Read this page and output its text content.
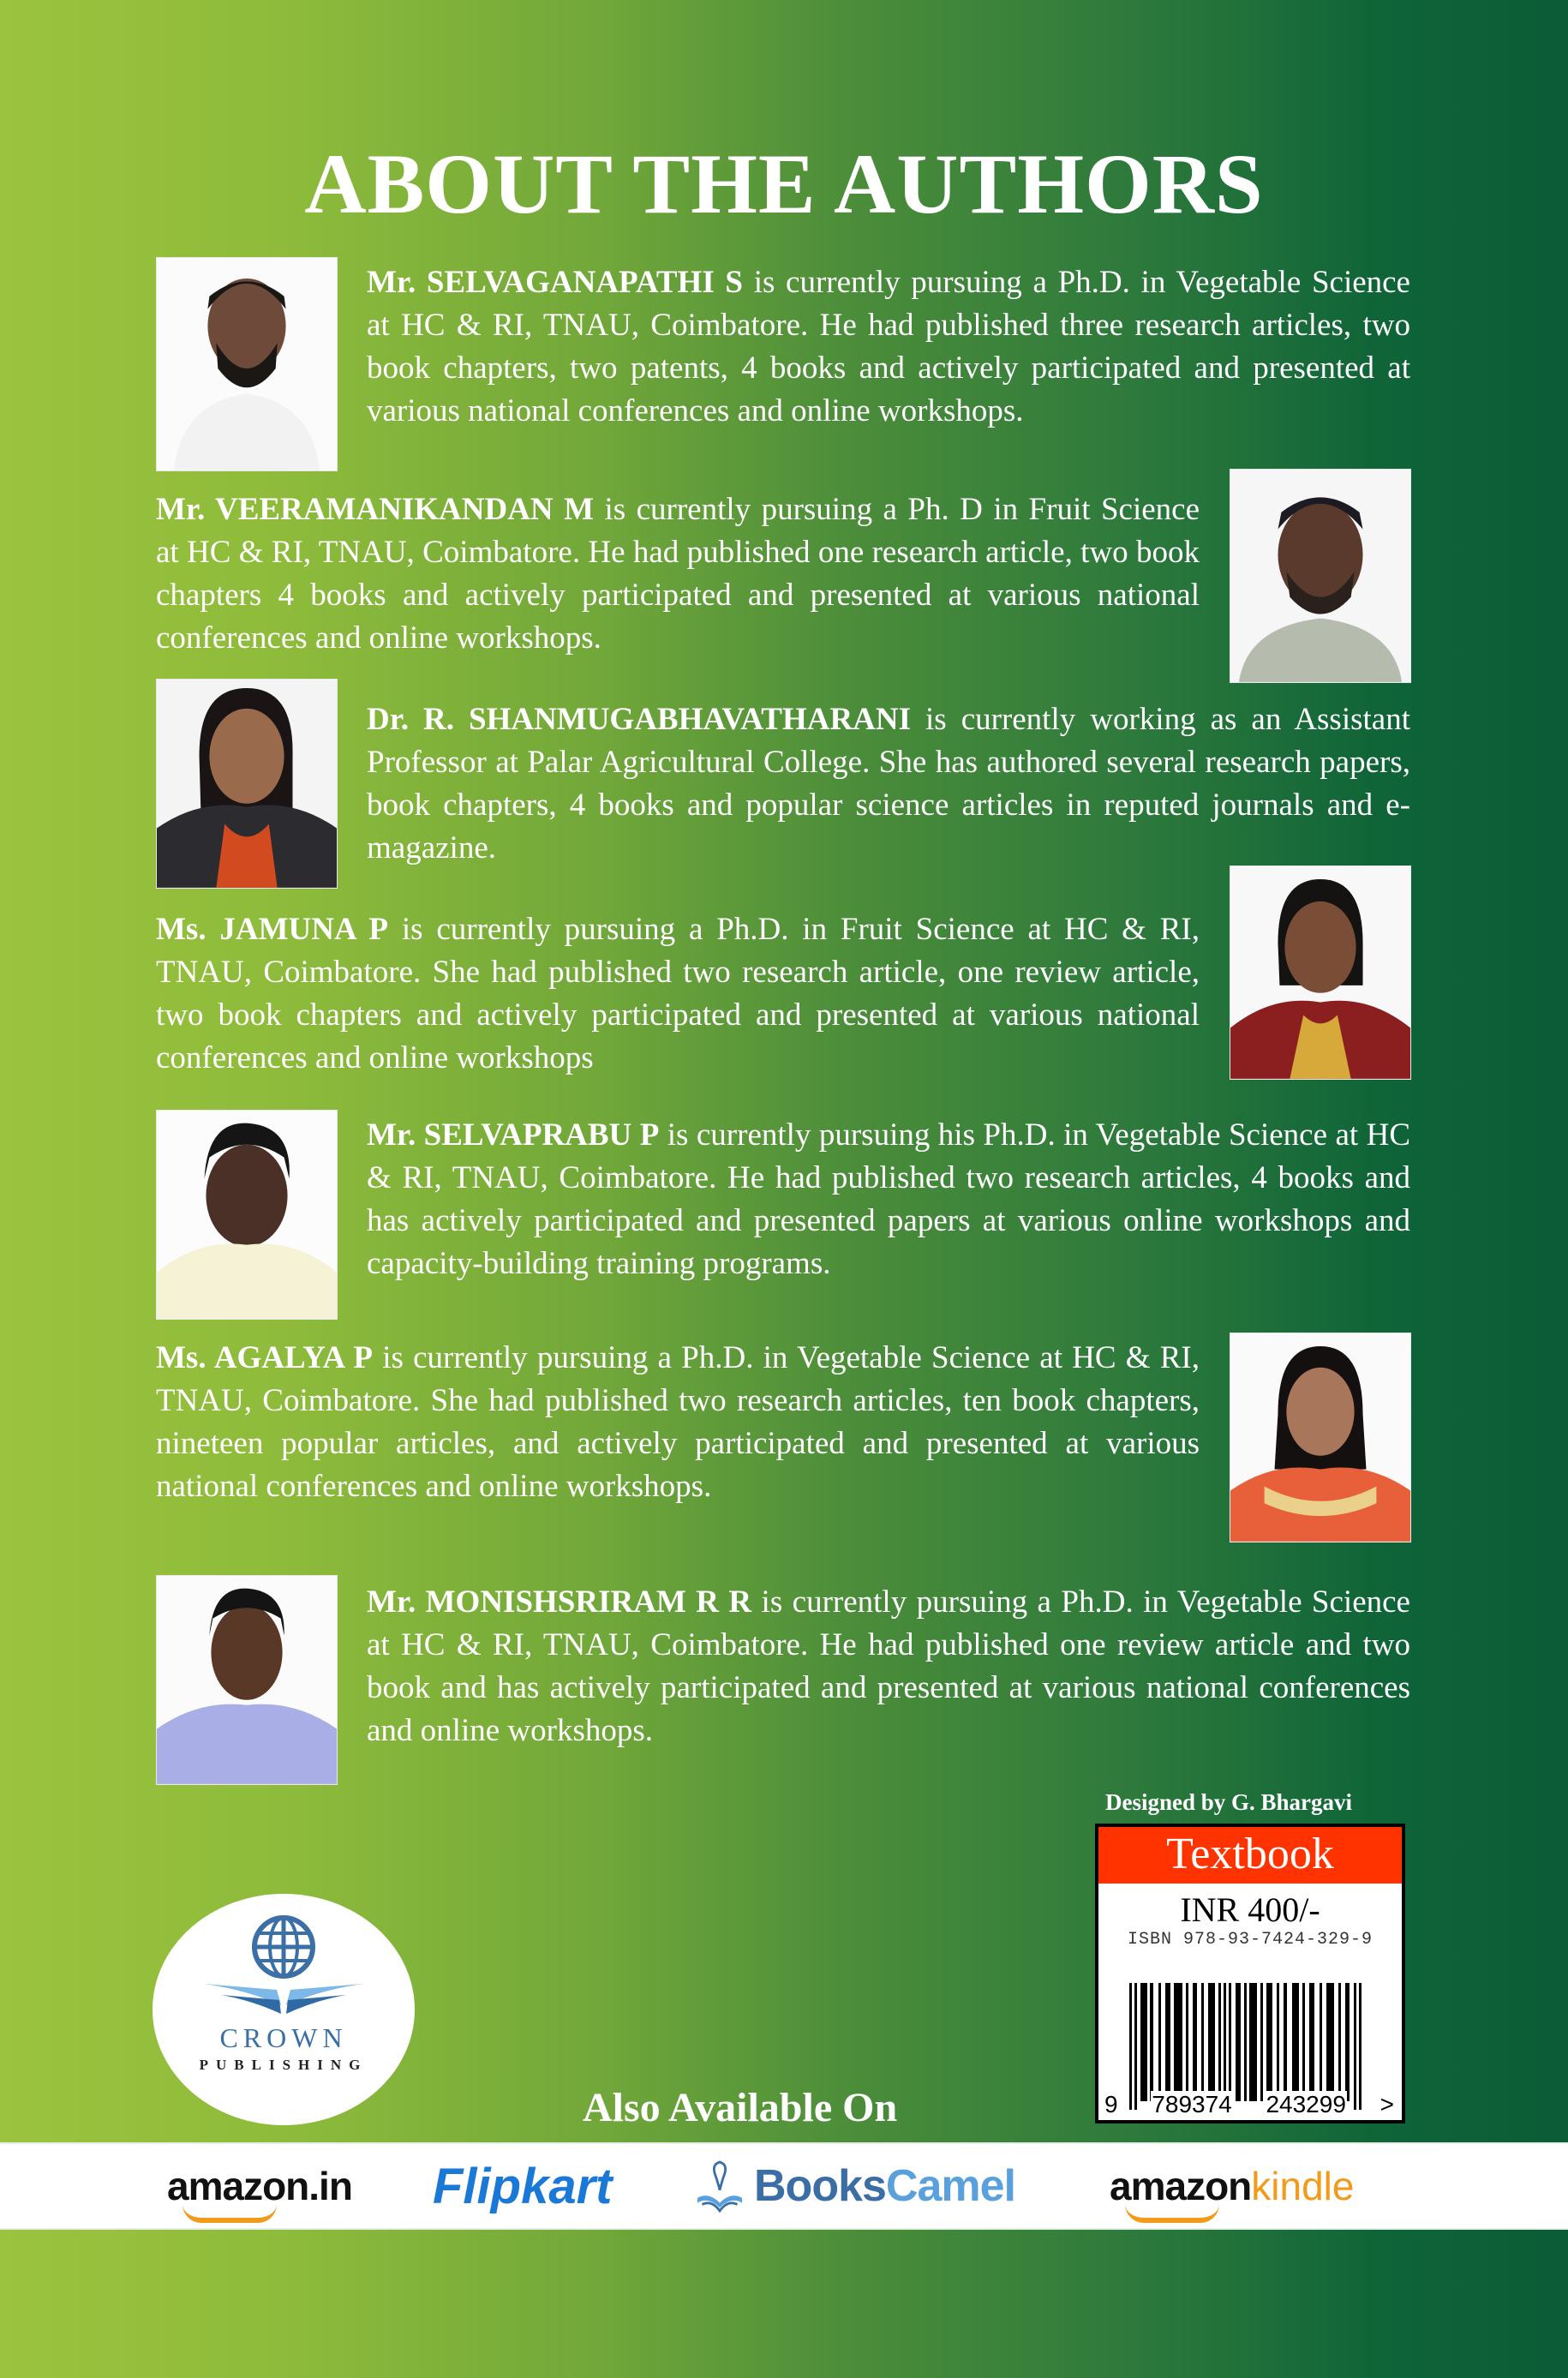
ABOUT THE AUTHORS

Mr. SELVAGANAPATHI S is currently pursuing a Ph.D. in Vegetable Science at HC & RI, TNAU, Coimbatore. He had published three research articles, two book chapters, two patents, 4 books and actively participated and presented at various national conferences and online workshops.

Mr. VEERAMANIKANDAN M is currently pursuing a Ph. D in Fruit Science at HC & RI, TNAU, Coimbatore. He had published one research article, two book chapters 4 books and actively participated and presented at various national conferences and online workshops.

Dr. R. SHANMUGABHAVATHARANI is currently working as an Assistant Professor at Palar Agricultural College. She has authored several research papers, book chapters, 4 books and popular science articles in reputed journals and e-magazine.

Ms. JAMUNA P is currently pursuing a Ph.D. in Fruit Science at HC & RI, TNAU, Coimbatore. She had published two research article, one review article, two book chapters and actively participated and presented at various national conferences and online workshops

Mr. SELVAPRABU P is currently pursuing his Ph.D. in Vegetable Science at HC & RI, TNAU, Coimbatore. He had published two research articles, 4 books and has actively participated and presented papers at various online workshops and capacity-building training programs.

Ms. AGALYA P is currently pursuing a Ph.D. in Vegetable Science at HC & RI, TNAU, Coimbatore. She had published two research articles, ten book chapters, nineteen popular articles, and actively participated and presented at various national conferences and online workshops.

Mr. MONISHSRIRAM R R is currently pursuing a Ph.D. in Vegetable Science at HC & RI, TNAU, Coimbatore. He had published one review article and two book and has actively participated and presented at various national conferences and online workshops.

Designed by G. Bhargavi
Textbook
INR 400/-
ISBN 978-93-7424-329-9
9 789374 243299 >
CROWN
PUBLISHING
Also Available On
amazon.in Flipkart	BooksCamel amazonkindle
